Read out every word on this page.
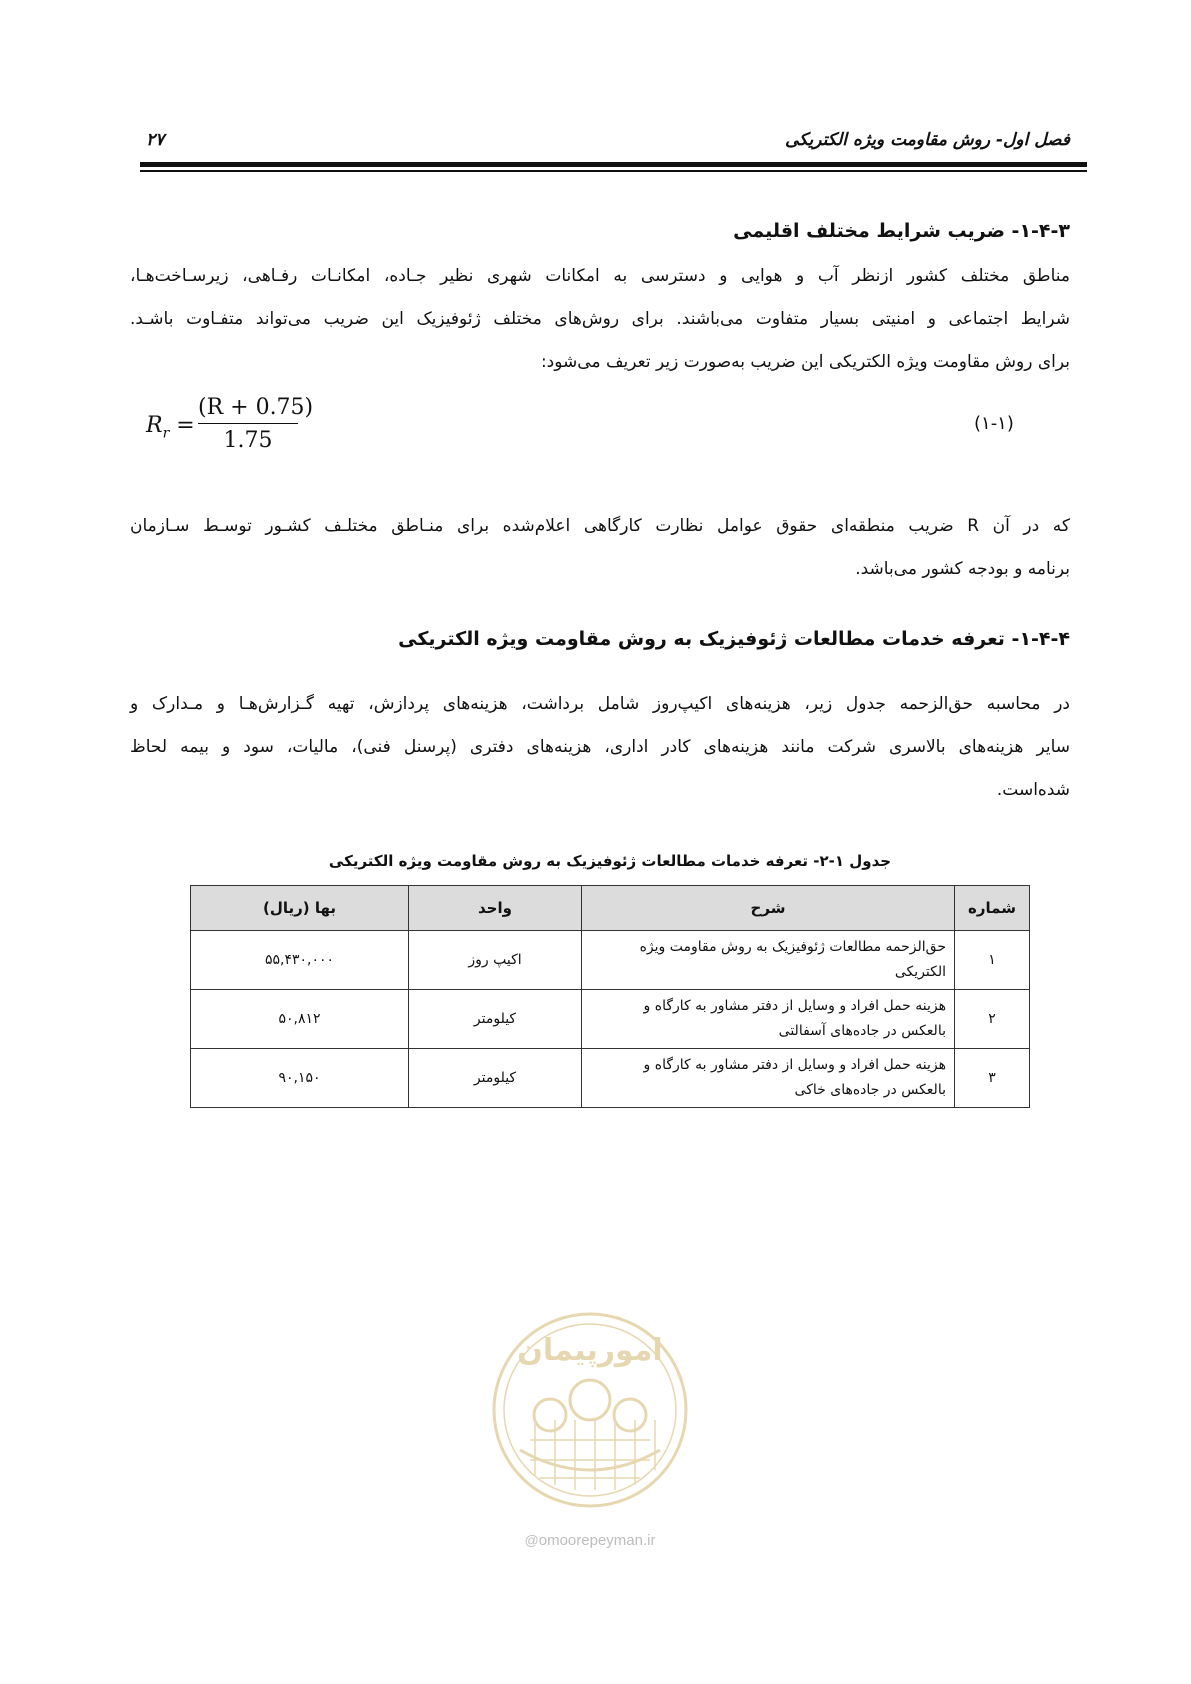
فصل اول- روش مقاومت ویژه الکتریکی
۲۷
۱-۴-۳- ضریب شرایط مختلف اقلیمی

مناطق مختلف کشور ازنظر آب و هوایی و دسترسی به امکانات شهری نظیر جـاده، امکانـات رفـاهی، زیرسـاخت‌هـا،

شرایط اجتماعی و امنیتی بسیار متفاوت می‌باشند. برای روش‌های مختلف ژئوفیزیک این ضریب می‌تواند متفـاوت باشـد.

برای روش مقاومت ویژه الکتریکی این ضریب به‌صورت زیر تعریف می‌شود:

$R_r = \frac{(R + 0.75)}{1.75}$	(۱-۱)

که در آن R ضریب منطقه‌ای حقوق عوامل نظارت کارگاهی اعلام‌شده برای منـاطق مختلـف کشـور توسـط سـازمان

برنامه و بودجه کشور می‌باشد.

۱-۴-۴- تعرفه خدمات مطالعات ژئوفیزیک به روش مقاومت ویژه الکتریکی

در محاسبه حق‌الزحمه جدول زیر، هزینه‌های اکیپ‌روز شامل برداشت، هزینه‌های پردازش، تهیه گـزارش‌هـا و مـدارک و

سایر هزینه‌های بالاسری شرکت مانند هزینه‌های کادر اداری، هزینه‌های دفتری (پرسنل فنی)، مالیات، سود و بیمه لحاظ

شده‌است.

جدول ۱-۲- تعرفه خدمات مطالعات ژئوفیزیک به روش مقاومت ویژه الکتریکی
شماره	شرح	واحد	بها (ریال)
۱	حق‌الزحمه مطالعات ژئوفیزیک به روش مقاومت ویژه
الکتریکی	اکیپ روز	۵۵,۴۳۰,۰۰۰
۲	هزینه حمل افراد و وسایل از دفتر مشاور به کارگاه و
بالعکس در جاده‌های آسفالتی	کیلومتر	۵۰,۸۱۲
۳	هزینه حمل افراد و وسایل از دفتر مشاور به کارگاه و
بالعکس در جاده‌های خاکی	کیلومتر	۹۰,۱۵۰
امورپیمان
@omoorepeyman.ir
